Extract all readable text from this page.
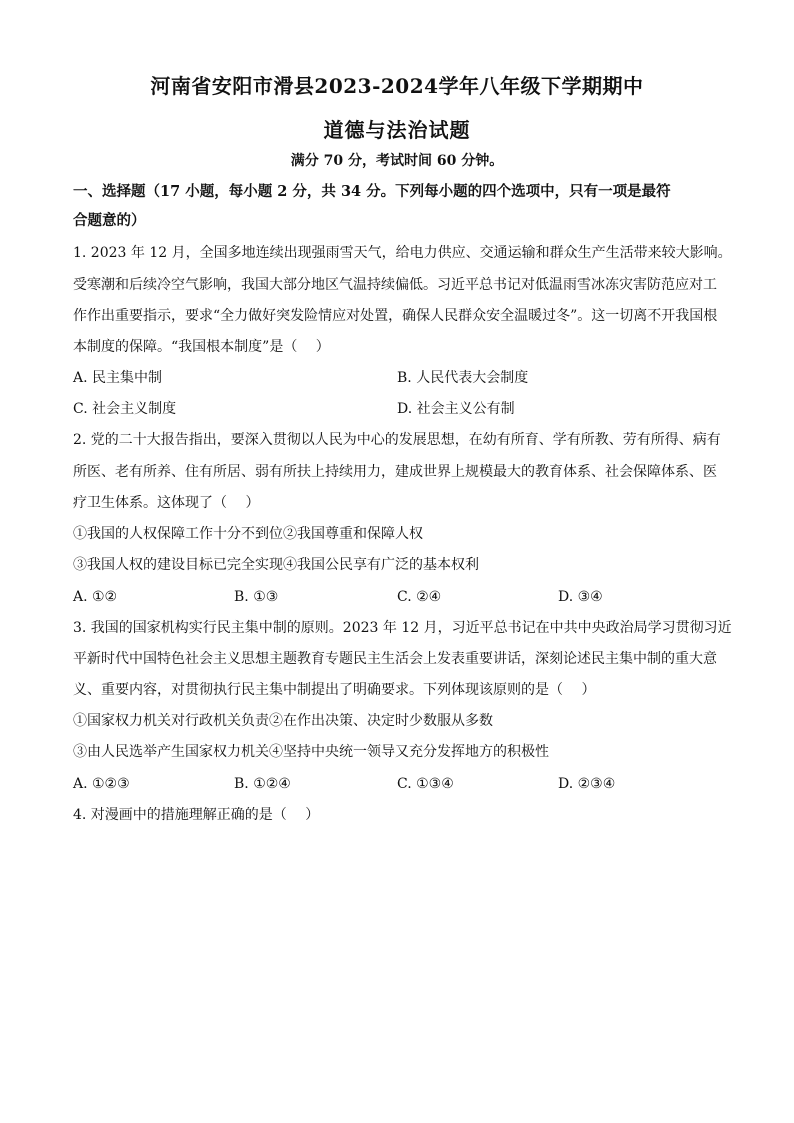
河南省安阳市滑县2023-2024学年八年级下学期期中
道德与法治试题
满分 70 分，考试时间 60 分钟。
一、选择题（17 小题，每小题 2 分，共 34 分。下列每小题的四个选项中，只有一项是最符
合题意的）
1. 2023 年 12 月，全国多地连续出现强雨雪天气，给电力供应、交通运输和群众生产生活带来较大影响。
受寒潮和后续冷空气影响，我国大部分地区气温持续偏低。习近平总书记对低温雨雪冰冻灾害防范应对工
作作出重要指示，要求“全力做好突发险情应对处置，确保人民群众安全温暖过冬”。这一切离不开我国根
本制度的保障。“我国根本制度”是（　 ）
A. 民主集中制	B. 人民代表大会制度
C. 社会主义制度	D. 社会主义公有制
2. 党的二十大报告指出，要深入贯彻以人民为中心的发展思想，在幼有所育、学有所教、劳有所得、病有
所医、老有所养、住有所居、弱有所扶上持续用力，建成世界上规模最大的教育体系、社会保障体系、医
疗卫生体系。这体现了（　 ）
①我国的人权保障工作十分不到位②我国尊重和保障人权
③我国人权的建设目标已完全实现④我国公民享有广泛的基本权利
A. ①②	B. ①③	C. ②④	D. ③④
3. 我国的国家机构实行民主集中制的原则。2023 年 12 月，习近平总书记在中共中央政治局学习贯彻习近
平新时代中国特色社会主义思想主题教育专题民主生活会上发表重要讲话，深刻论述民主集中制的重大意
义、重要内容，对贯彻执行民主集中制提出了明确要求。下列体现该原则的是（　 ）
①国家权力机关对行政机关负责②在作出决策、决定时少数服从多数
③由人民选举产生国家权力机关④坚持中央统一领导又充分发挥地方的积极性
A. ①②③	B. ①②④	C. ①③④	D. ②③④
4. 对漫画中的措施理解正确的是（　 ）
